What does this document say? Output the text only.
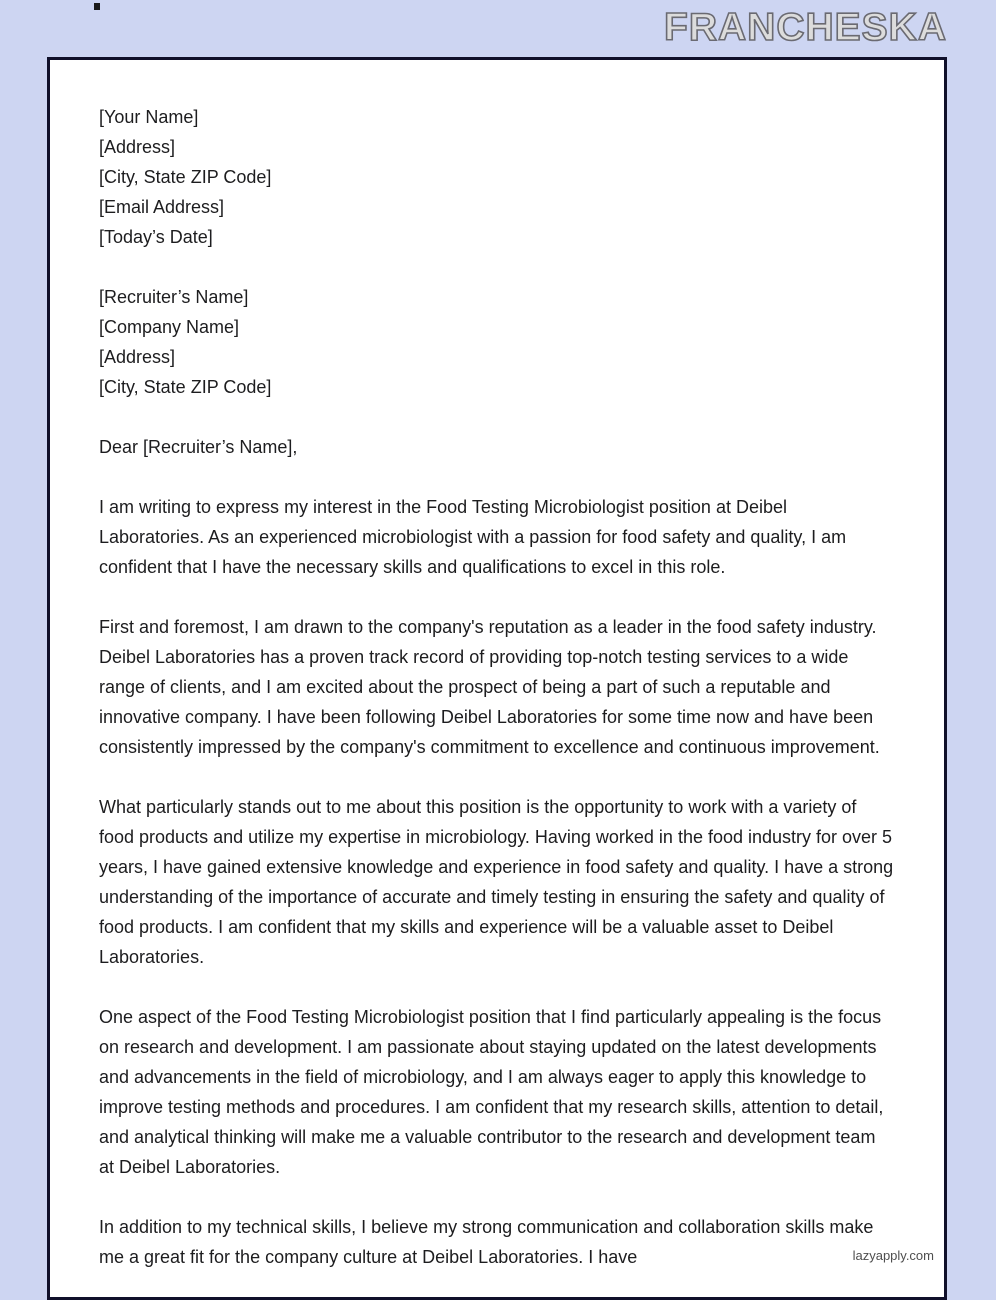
FRANCHESKA
[Your Name]
[Address]
[City, State ZIP Code]
[Email Address]
[Today’s Date]
[Recruiter’s Name]
[Company Name]
[Address]
[City, State ZIP Code]
Dear [Recruiter’s Name],

I am writing to express my interest in the Food Testing Microbiologist position at Deibel Laboratories. As an experienced microbiologist with a passion for food safety and quality, I am confident that I have the necessary skills and qualifications to excel in this role.

First and foremost, I am drawn to the company's reputation as a leader in the food safety industry. Deibel Laboratories has a proven track record of providing top-notch testing services to a wide range of clients, and I am excited about the prospect of being a part of such a reputable and innovative company. I have been following Deibel Laboratories for some time now and have been consistently impressed by the company's commitment to excellence and continuous improvement.

What particularly stands out to me about this position is the opportunity to work with a variety of food products and utilize my expertise in microbiology. Having worked in the food industry for over 5 years, I have gained extensive knowledge and experience in food safety and quality. I have a strong understanding of the importance of accurate and timely testing in ensuring the safety and quality of food products. I am confident that my skills and experience will be a valuable asset to Deibel Laboratories.

One aspect of the Food Testing Microbiologist position that I find particularly appealing is the focus on research and development. I am passionate about staying updated on the latest developments and advancements in the field of microbiology, and I am always eager to apply this knowledge to improve testing methods and procedures. I am confident that my research skills, attention to detail, and analytical thinking will make me a valuable contributor to the research and development team at Deibel Laboratories.

In addition to my technical skills, I believe my strong communication and collaboration skills make me a great fit for the company culture at Deibel Laboratories. I have	lazyapply.com
